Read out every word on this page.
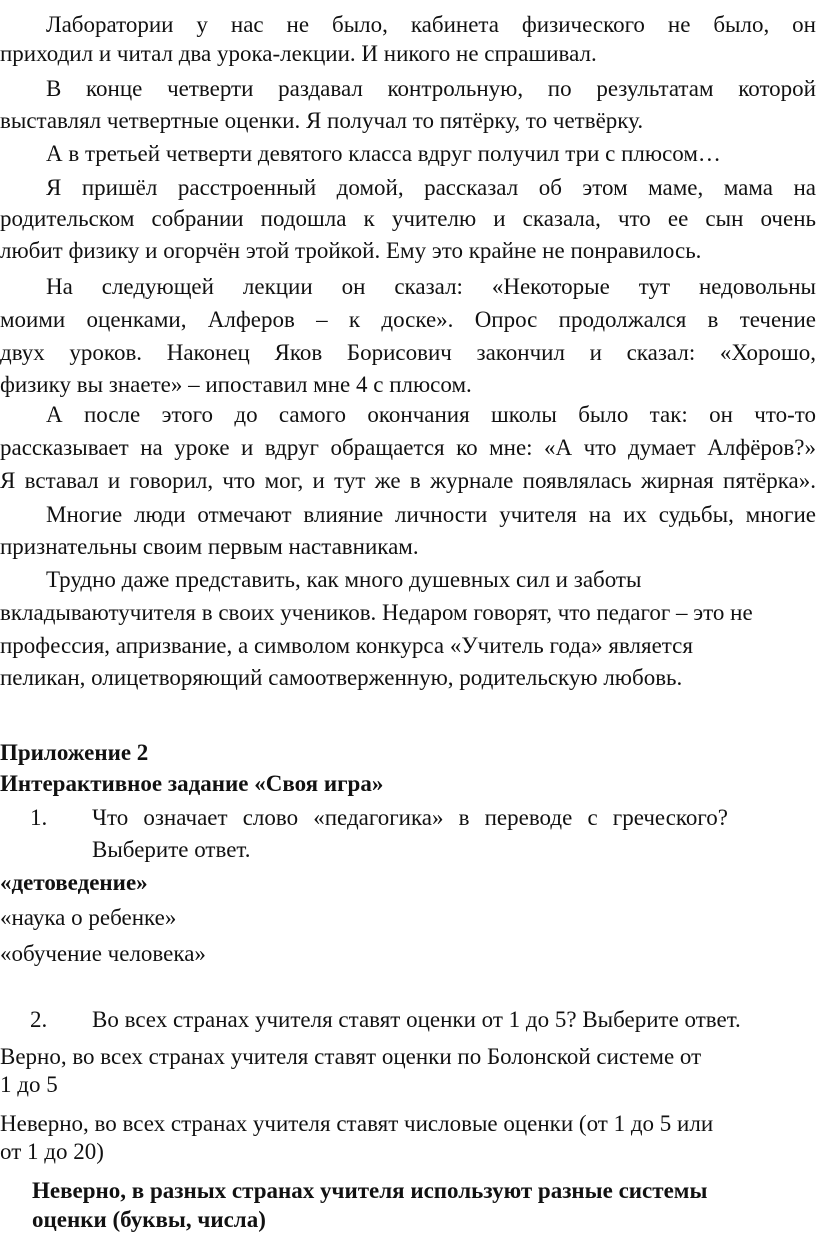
Лаборатории у нас не было, кабинета физического не было, он
приходил и читал два урока-лекции. И никого не спрашивал.
В конце четверти раздавал контрольную, по результатам которой
выставлял четвертные оценки. Я получал то пятёрку, то четвёрку.
А в третьей четверти девятого класса вдруг получил три с плюсом…
Я пришёл расстроенный домой, рассказал об этом маме, мама на
родительском собрании подошла к учителю и сказала, что ее сын очень
любит физику и огорчён этой тройкой. Ему это крайне не понравилось.
На следующей лекции он сказал: «Некоторые тут недовольны
моими оценками, Алферов – к доске». Опрос продолжался в течение
двух уроков. Наконец Яков Борисович закончил и сказал: «Хорошо,
физику вы знаете» – ипоставил мне 4 с плюсом.
А после этого до самого окончания школы было так: он что-то
рассказывает на уроке и вдруг обращается ко мне: «А что думает Алфёров?»
Я вставал и говорил, что мог, и тут же в журнале появлялась жирная пятёрка».
Многие люди отмечают влияние личности учителя на их судьбы, многие
признательны своим первым наставникам.
Трудно даже представить, как много душевных сил и заботы
вкладываютучителя в своих учеников. Недаром говорят, что педагог – это не
профессия, апризвание, а символом конкурса «Учитель года» является
пеликан, олицетворяющий самоотверженную, родительскую любовь.
Приложение 2
Интерактивное задание «Своя игра»
1. Что означает слово «педагогика» в переводе с греческого?
Выберите ответ.
«детоведение»
«наука о ребенке»
«обучение человека»
2. Во всех странах учителя ставят оценки от 1 до 5? Выберите ответ.
Верно, во всех странах учителя ставят оценки по Болонской системе от
1 до 5
Неверно, во всех странах учителя ставят числовые оценки (от 1 до 5 или
от 1 до 20)
Неверно, в разных странах учителя используют разные системы
оценки (буквы, числа)
